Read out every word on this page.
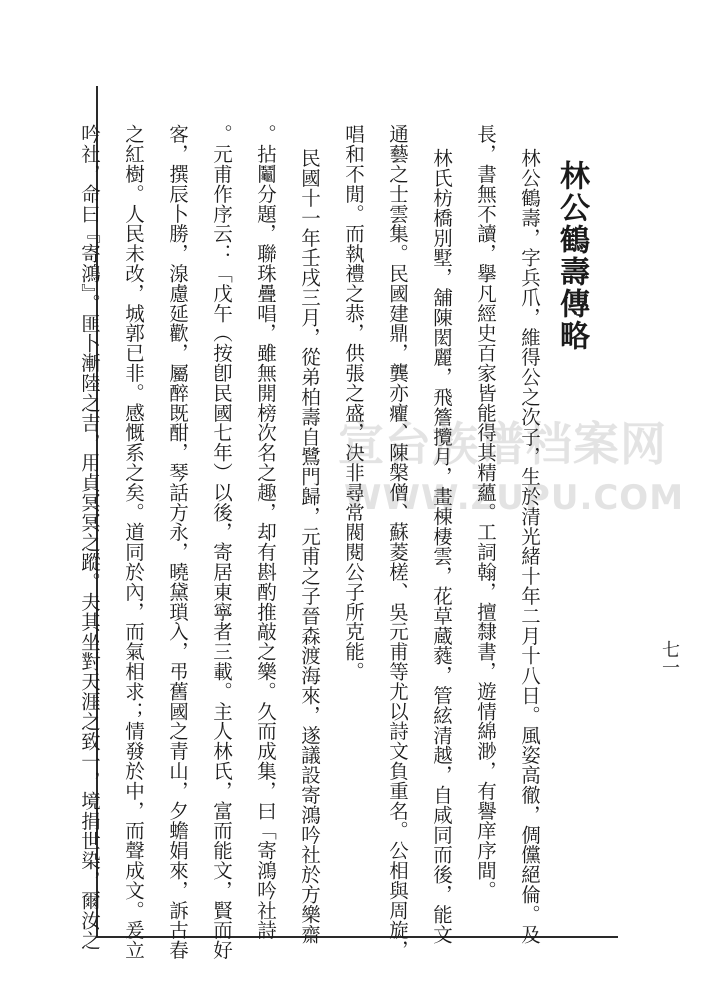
林公鶴壽傳略
林公鶴壽，字兵爪，維得公之次子，生於清光緒十年二月十八日。風姿高徹，倜儻絕倫。及
長，書無不讀，擧凡經史百家皆能得其精蘊。工詞翰，擅隸書，遊情綿渺，有譽庠序間。
林氏枋橋別墅，舖陳閎麗，飛簷攬月，畫棟棲雲，花草蔵蕤，管絃清越，自咸同而後，能文
通藝之士雲集。民國建鼎，龔亦癯、陳槃僧、蘇菱槎、吳元甫等尤以詩文負重名。公相與周旋，
唱和不閒。而執禮之恭，供張之盛，决非尋常閥閱公子所克能。
民國十一年壬戌三月，從弟柏壽自鷺門歸，元甫之子晉森渡海來，遂議設寄鴻吟社於方樂齋
。拈鬮分題，聯珠疊唱，雖無開榜次名之趣，却有斟酌推敲之樂。久而成集，曰「寄鴻吟社詩
。元甫作序云：「戊午（按卽民國七年）以後，寄居東寧者三載。主人林氏，富而能文，賢而好
客，撰辰卜勝，湶慮延歡，屬醉既酣，琴話方永，曉黛瑣入，弔舊國之青山，夕蟾娟來，訴古春
之紅樹。人民未改，城郭已非。感慨系之矣。道同於內，而氣相求；情發於中，而聲成文。爰立
吟社，命曰『寄鴻』。匪卜漸陸之吉，用貞冥冥之蹤。夫其坐對天涯之致一，境捐世染，爾汝之	七一
宣台族谱档案网
WWW.ZUPU.COM
